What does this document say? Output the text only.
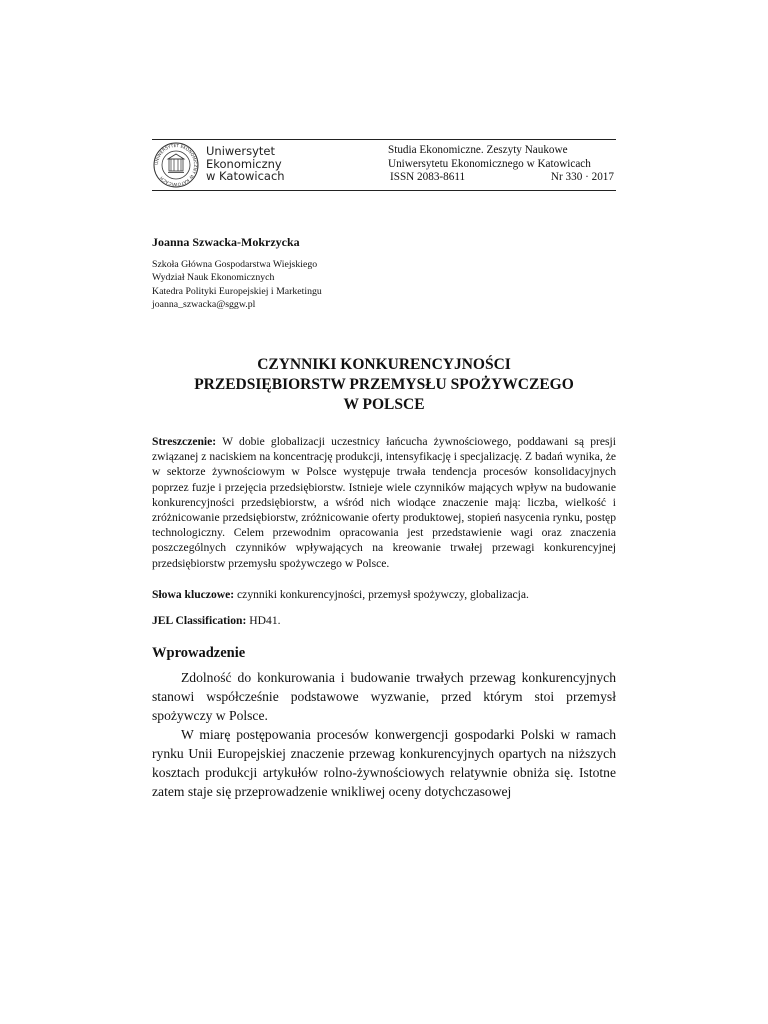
UNIWERSYTET EKONOMICZNY W KATOWICACH
Uniwersytet
Ekonomiczny
w Katowicach
Studia Ekonomiczne. Zeszyty Naukowe
Uniwersytetu Ekonomicznego w Katowicach
ISSN 2083-8611	Nr 330 · 2017
Joanna Szwacka-Mokrzycka
Szkoła Główna Gospodarstwa Wiejskiego
Wydział Nauk Ekonomicznych
Katedra Polityki Europejskiej i Marketingu
joanna_szwacka@sggw.pl
CZYNNIKI KONKURENCYJNOŚCI
PRZEDSIĘBIORSTW PRZEMYSŁU SPOŻYWCZEGO
W POLSCE
Streszczenie: W dobie globalizacji uczestnicy łańcucha żywnościowego, poddawani są presji związanej z naciskiem na koncentrację produkcji, intensyfikację i specjalizację. Z badań wynika, że w sektorze żywnościowym w Polsce występuje trwała tendencja procesów konsolidacyjnych poprzez fuzje i przejęcia przedsiębiorstw. Istnieje wiele czynników mających wpływ na budowanie konkurencyjności przedsiębiorstw, a wśród nich wiodące znaczenie mają: liczba, wielkość i zróżnicowanie przedsiębiorstw, zróżnicowanie oferty produktowej, stopień nasycenia rynku, postęp technologiczny. Celem przewodnim opracowania jest przedstawienie wagi oraz znaczenia poszczególnych czynników wpływających na kreowanie trwałej przewagi konkurencyjnej przedsiębiorstw przemysłu spożywczego w Polsce.
Słowa kluczowe: czynniki konkurencyjności, przemysł spożywczy, globalizacja.
JEL Classification: HD41.
Wprowadzenie

Zdolność do konkurowania i budowanie trwałych przewag konkurencyjnych stanowi współcześnie podstawowe wyzwanie, przed którym stoi przemysł spożywczy w Polsce.

W miarę postępowania procesów konwergencji gospodarki Polski w ramach rynku Unii Europejskiej znaczenie przewag konkurencyjnych opartych na niższych kosztach produkcji artykułów rolno-żywnościowych relatywnie obniża się. Istotne zatem staje się przeprowadzenie wnikliwej oceny dotychczasowej
